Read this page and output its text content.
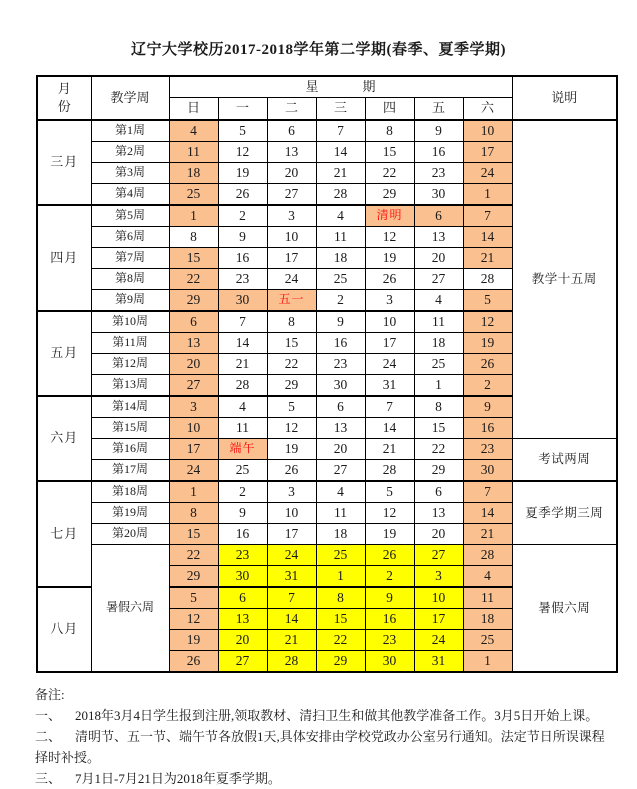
辽宁大学校历2017-2018学年第二学期(春季、夏季学期)
月份	教学周	星期							说明
		日	一	二	三	四	五	六	
三月	第1周	4	5	6	7	8	9	10	教学十五周
	第2周	11	12	13	14	15	16	17	
	第3周	18	19	20	21	22	23	24	
	第4周	25	26	27	28	29	30	1	
四月	第5周	1	2	3	4	清明	6	7	
	第6周	8	9	10	11	12	13	14	
	第7周	15	16	17	18	19	20	21	
	第8周	22	23	24	25	26	27	28	
	第9周	29	30	五一	2	3	4	5	
五月	第10周	6	7	8	9	10	11	12	
	第11周	13	14	15	16	17	18	19	
	第12周	20	21	22	23	24	25	26	
	第13周	27	28	29	30	31	1	2	
六月	第14周	3	4	5	6	7	8	9	
	第15周	10	11	12	13	14	15	16	
	第16周	17	端午	19	20	21	22	23	考试两周
	第17周	24	25	26	27	28	29	30	
七月	第18周	1	2	3	4	5	6	7	夏季学期三周
	第19周	8	9	10	11	12	13	14	
	第20周	15	16	17	18	19	20	21	
	暑假六周	22	23	24	25	26	27	28	暑假六周
		29	30	31	1	2	3	4	
八月		5	6	7	8	9	10	11	
		12	13	14	15	16	17	18	
		19	20	21	22	23	24	25	
		26	27	28	29	30	31	1	
备注:
一、 2018年3月4日学生报到注册,领取教材、清扫卫生和做其他教学准备工作。3月5日开始上课。
二、 清明节、五一节、端午节各放假1天,具体安排由学校党政办公室另行通知。法定节日所误课程择时补授。
三、 7月1日-7月21日为2018年夏季学期。
